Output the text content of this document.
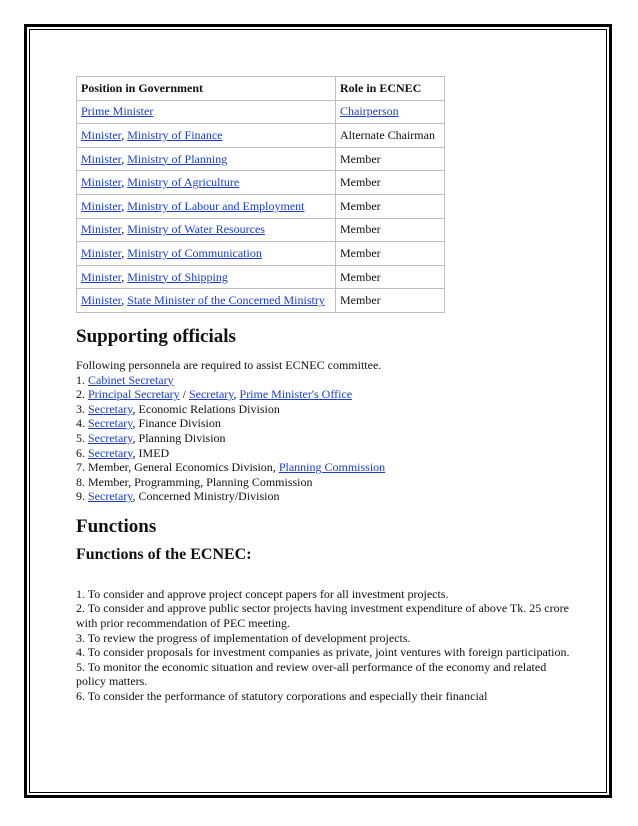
Position in Government	Role in ECNEC
Prime Minister	Chairperson
Minister, Ministry of Finance	Alternate Chairman
Minister, Ministry of Planning	Member
Minister, Ministry of Agriculture	Member
Minister, Ministry of Labour and Employment	Member
Minister, Ministry of Water Resources	Member
Minister, Ministry of Communication	Member
Minister, Ministry of Shipping	Member
Minister, State Minister of the Concerned Ministry	Member
Supporting officials
Following personnela are required to assist ECNEC committee.
1. Cabinet Secretary
2. Principal Secretary / Secretary, Prime Minister's Office
3. Secretary, Economic Relations Division
4. Secretary, Finance Division
5. Secretary, Planning Division
6. Secretary, IMED
7. Member, General Economics Division, Planning Commission
8. Member, Programming, Planning Commission
9. Secretary, Concerned Ministry/Division
Functions
Functions of the ECNEC:
1. To consider and approve project concept papers for all investment projects.
2. To consider and approve public sector projects having investment expenditure of above Tk. 25 crore with prior recommendation of PEC meeting.
3. To review the progress of implementation of development projects.
4. To consider proposals for investment companies as private, joint ventures with foreign participation.
5. To monitor the economic situation and review over-all performance of the economy and related policy matters.
6. To consider the performance of statutory corporations and especially their financial
